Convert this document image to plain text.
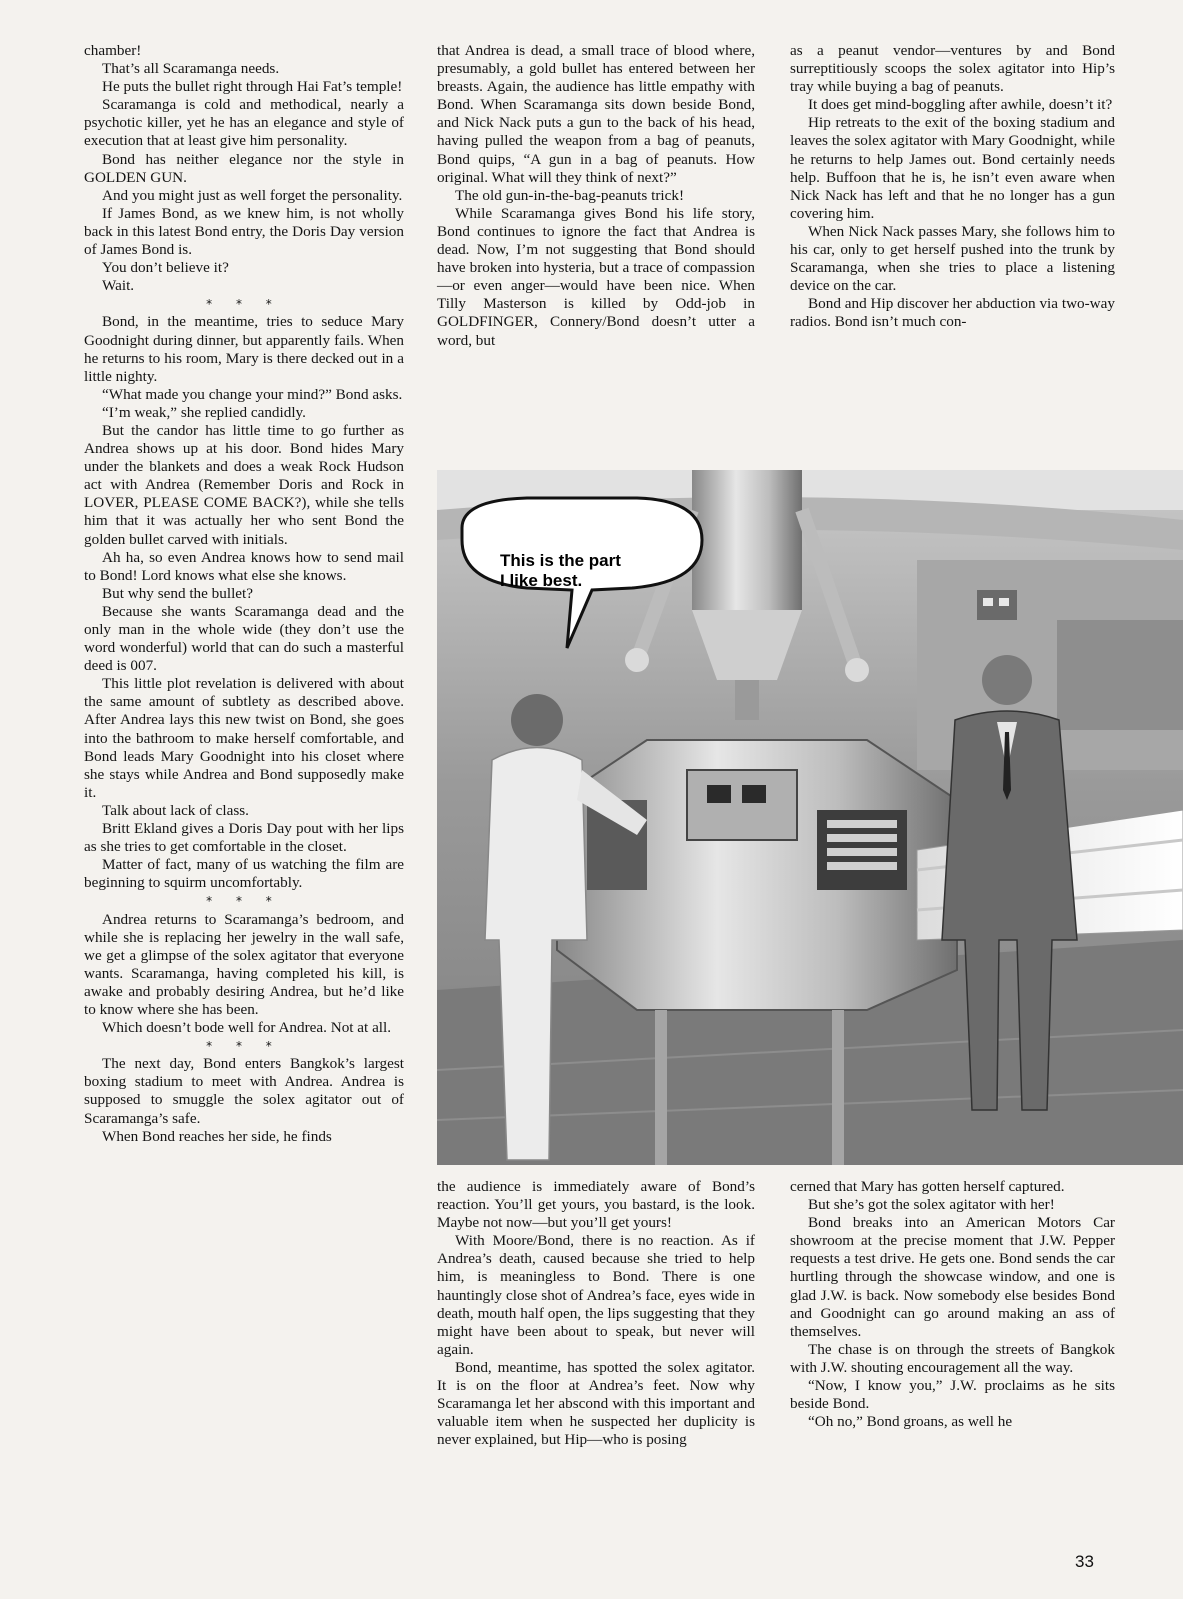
chamber!

That’s all Scaramanga needs.

He puts the bullet right through Hai Fat’s temple!

Scaramanga is cold and methodical, nearly a psychotic killer, yet he has an elegance and style of execution that at least give him personality.

Bond has neither elegance nor the style in GOLDEN GUN.

And you might just as well forget the personality.

If James Bond, as we knew him, is not wholly back in this latest Bond entry, the Doris Day version of James Bond is.

You don’t believe it?

Wait.

* * *

Bond, in the meantime, tries to seduce Mary Goodnight during dinner, but apparently fails. When he returns to his room, Mary is there decked out in a little nighty.

“What made you change your mind?” Bond asks.

“I’m weak,” she replied candidly.

But the candor has little time to go further as Andrea shows up at his door. Bond hides Mary under the blankets and does a weak Rock Hudson act with Andrea (Remember Doris and Rock in LOVER, PLEASE COME BACK?), while she tells him that it was actually her who sent Bond the golden bullet carved with initials.

Ah ha, so even Andrea knows how to send mail to Bond! Lord knows what else she knows.

But why send the bullet?

Because she wants Scaramanga dead and the only man in the whole wide (they don’t use the word wonderful) world that can do such a masterful deed is 007.

This little plot revelation is delivered with about the same amount of subtlety as described above. After Andrea lays this new twist on Bond, she goes into the bathroom to make herself comfortable, and Bond leads Mary Goodnight into his closet where she stays while Andrea and Bond supposedly make it.

Talk about lack of class.

Britt Ekland gives a Doris Day pout with her lips as she tries to get comfortable in the closet.

Matter of fact, many of us watching the film are beginning to squirm uncomfortably.

* * *

Andrea returns to Scaramanga’s bedroom, and while she is replacing her jewelry in the wall safe, we get a glimpse of the solex agitator that everyone wants. Scaramanga, having completed his kill, is awake and probably desiring Andrea, but he’d like to know where she has been.

Which doesn’t bode well for Andrea. Not at all.

* * *

The next day, Bond enters Bangkok’s largest boxing stadium to meet with Andrea. Andrea is supposed to smuggle the solex agitator out of Scaramanga’s safe.

When Bond reaches her side, he finds

that Andrea is dead, a small trace of blood where, presumably, a gold bullet has entered between her breasts. Again, the audience has little empathy with Bond. When Scaramanga sits down beside Bond, and Nick Nack puts a gun to the back of his head, having pulled the weapon from a bag of peanuts, Bond quips, “A gun in a bag of peanuts. How original. What will they think of next?”

The old gun-in-the-bag-peanuts trick!

While Scaramanga gives Bond his life story, Bond continues to ignore the fact that Andrea is dead. Now, I’m not suggesting that Bond should have broken into hysteria, but a trace of compassion—or even anger—would have been nice. When Tilly Masterson is killed by Odd-job in GOLDFINGER, Connery/Bond doesn’t utter a word, but

as a peanut vendor—ventures by and Bond surreptitiously scoops the solex agitator into Hip’s tray while buying a bag of peanuts.

It does get mind-boggling after awhile, doesn’t it?

Hip retreats to the exit of the boxing stadium and leaves the solex agitator with Mary Goodnight, while he returns to help James out. Bond certainly needs help. Buffoon that he is, he isn’t even aware when Nick Nack has left and that he no longer has a gun covering him.

When Nick Nack passes Mary, she follows him to his car, only to get herself pushed into the trunk by Scaramanga, when she tries to place a listening device on the car.

Bond and Hip discover her abduction via two-way radios. Bond isn’t much con-

This is the part
I like best.

the audience is immediately aware of Bond’s reaction. You’ll get yours, you bastard, is the look. Maybe not now—but you’ll get yours!

With Moore/Bond, there is no reaction. As if Andrea’s death, caused because she tried to help him, is meaningless to Bond. There is one hauntingly close shot of Andrea’s face, eyes wide in death, mouth half open, the lips suggesting that they might have been about to speak, but never will again.

Bond, meantime, has spotted the solex agitator. It is on the floor at Andrea’s feet. Now why Scaramanga let her abscond with this important and valuable item when he suspected her duplicity is never explained, but Hip—who is posing

cerned that Mary has gotten herself captured.

But she’s got the solex agitator with her!

Bond breaks into an American Motors Car showroom at the precise moment that J.W. Pepper requests a test drive. He gets one. Bond sends the car hurtling through the showcase window, and one is glad J.W. is back. Now somebody else besides Bond and Goodnight can go around making an ass of themselves.

The chase is on through the streets of Bangkok with J.W. shouting encouragement all the way.

“Now, I know you,” J.W. proclaims as he sits beside Bond.

“Oh no,” Bond groans, as well he

33
